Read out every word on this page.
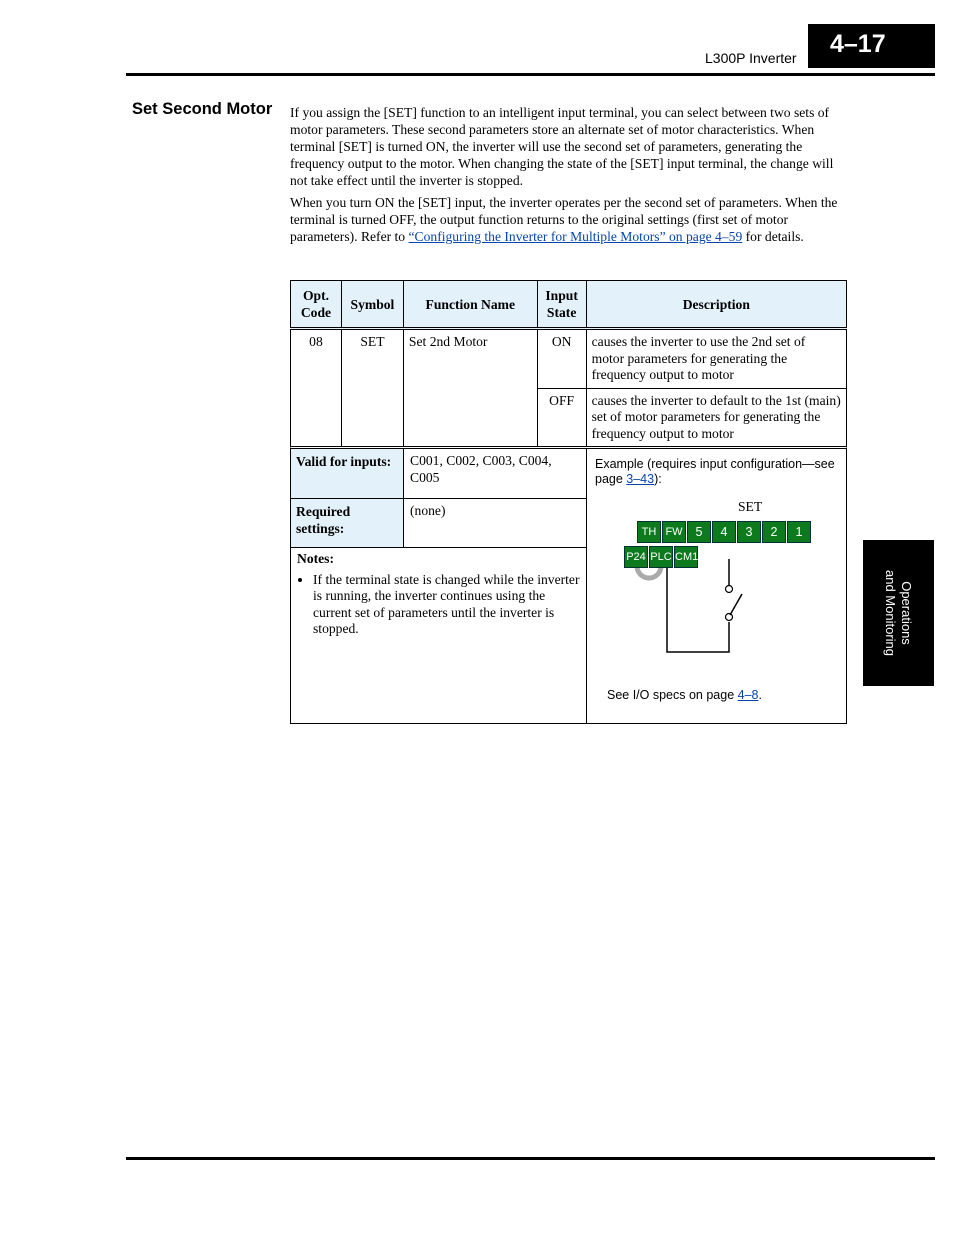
L300P Inverter	4–17
Operations
and Monitoring
Set Second Motor If you assign the [SET] function to an intelligent input terminal, you can select between two sets of motor parameters. These second parameters store an alternate set of motor characteristics. When terminal [SET] is turned ON, the inverter will use the second set of parameters, generating the frequency output to the motor. When changing the state of the [SET] input terminal, the change will not take effect until the inverter is stopped.

When you turn ON the [SET] input, the inverter operates per the second set of parameters. When the terminal is turned OFF, the output function returns to the original settings (first set of motor parameters). Refer to “Configuring the Inverter for Multiple Motors” on page 4–59 for details.

Opt. Code	Symbol	Function Name	Input State	Description
08	SET	Set 2nd Motor	ON	causes the inverter to use the 2nd set of motor parameters for generating the frequency output to motor
			OFF	causes the inverter to default to the 1st (main) set of motor parameters for generating the frequency output to motor
Valid for inputs:	C001, C002, C003, C004, C005
Required settings:
(none)
Notes:
• If the terminal state is changed while the inverter is running, the inverter continues using the current set of parameters until the inverter is stopped.
Example (requires input configuration—see page 3–43):
SET
TH FW	5	4	3	2	1
P24 PLC CM1
See I/O specs on page 4–8.
